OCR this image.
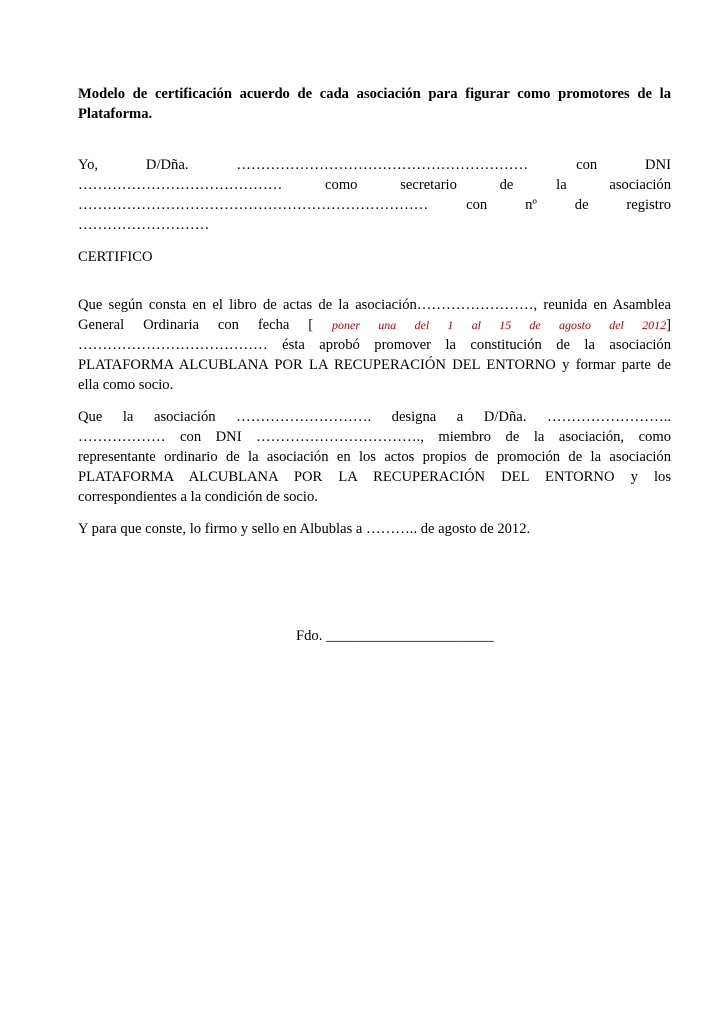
Modelo de certificación acuerdo de cada asociación para figurar como promotores de la
Plataforma.

Yo, D/Dña. …………………………………………………… con DNI
…………………………………… como secretario de la asociación
……………………………………………………………… con nº de registro
………………………

CERTIFICO

Que según consta en el libro de actas de la asociación……………………, reunida en Asamblea
General Ordinaria con fecha [ poner una del 1 al 15 de agosto del 2012]
………………………………… ésta aprobó promover la constitución de la asociación
PLATAFORMA ALCUBLANA POR LA RECUPERACIÓN DEL ENTORNO y formar parte de
ella como socio.

Que la asociación ………………………. designa a D/Dña. ……………………..
……………… con DNI ……………………………., miembro de la asociación, como
representante ordinario de la asociación en los actos propios de promoción de la asociación
PLATAFORMA ALCUBLANA POR LA RECUPERACIÓN DEL ENTORNO y los
correspondientes a la condición de socio.

Y para que conste, lo firmo y sello en Albublas a ……….. de agosto de 2012.

Fdo. _______________________
